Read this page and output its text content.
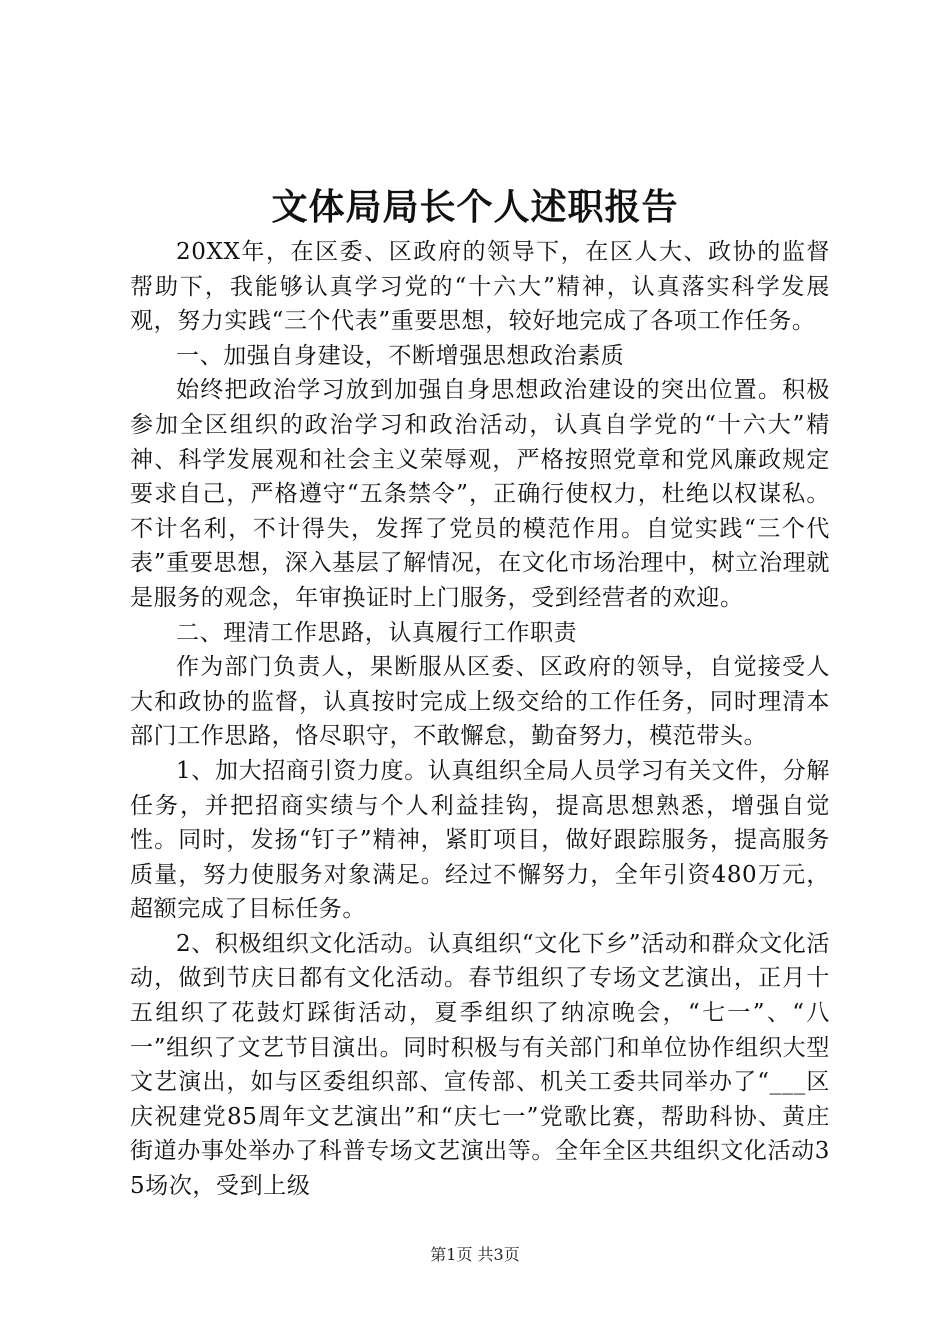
文体局局长个人述职报告

20XX年，在区委、区政府的领导下，在区人大、政协的监督帮助下，我能够认真学习党的“十六大”精神，认真落实科学发展观，努力实践“三个代表”重要思想，较好地完成了各项工作任务。

一、加强自身建设，不断增强思想政治素质

始终把政治学习放到加强自身思想政治建设的突出位置。积极参加全区组织的政治学习和政治活动，认真自学党的“十六大”精神、科学发展观和社会主义荣辱观，严格按照党章和党风廉政规定要求自己，严格遵守“五条禁令”，正确行使权力，杜绝以权谋私。不计名利，不计得失，发挥了党员的模范作用。自觉实践“三个代表”重要思想，深入基层了解情况，在文化市场治理中，树立治理就是服务的观念，年审换证时上门服务，受到经营者的欢迎。

二、理清工作思路，认真履行工作职责

作为部门负责人，果断服从区委、区政府的领导，自觉接受人大和政协的监督，认真按时完成上级交给的工作任务，同时理清本部门工作思路，恪尽职守，不敢懈怠，勤奋努力，模范带头。

1、加大招商引资力度。认真组织全局人员学习有关文件，分解任务，并把招商实绩与个人利益挂钩，提高思想熟悉，增强自觉性。同时，发扬“钉子”精神，紧盯项目，做好跟踪服务，提高服务质量，努力使服务对象满足。经过不懈努力，全年引资480万元，超额完成了目标任务。

2、积极组织文化活动。认真组织“文化下乡”活动和群众文化活动，做到节庆日都有文化活动。春节组织了专场文艺演出，正月十五组织了花鼓灯踩街活动，夏季组织了纳凉晚会，“七一”、“八一”组织了文艺节目演出。同时积极与有关部门和单位协作组织大型文艺演出，如与区委组织部、宣传部、机关工委共同举办了“___区庆祝建党85周年文艺演出”和“庆七一”党歌比赛，帮助科协、黄庄街道办事处举办了科普专场文艺演出等。全年全区共组织文化活动35场次，受到上级

第1页 共3页
